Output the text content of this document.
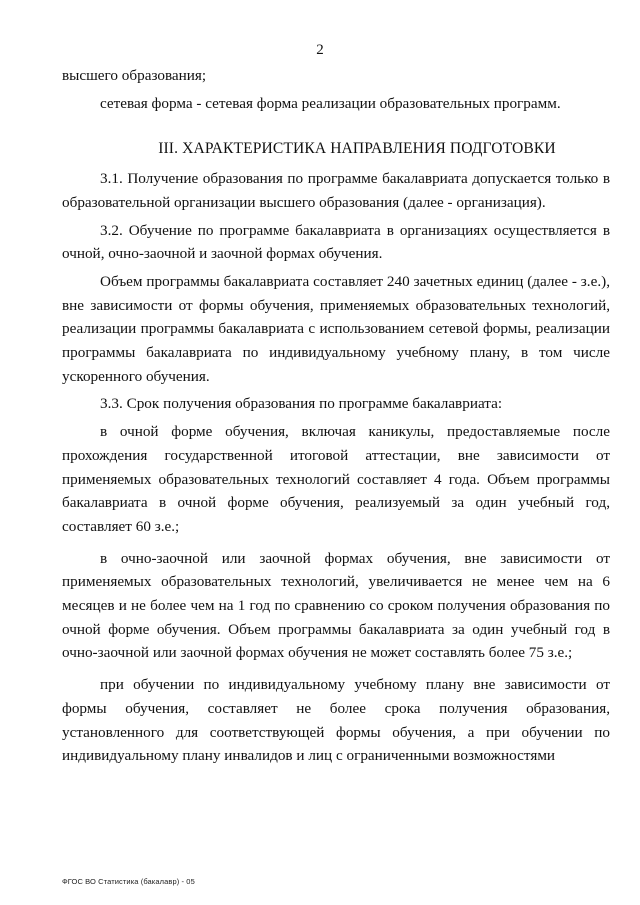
2

высшего образования;

сетевая форма - сетевая форма реализации образовательных программ.

III. ХАРАКТЕРИСТИКА НАПРАВЛЕНИЯ ПОДГОТОВКИ

3.1. Получение образования по программе бакалавриата допускается только в образовательной организации высшего образования (далее - организация).

3.2. Обучение по программе бакалавриата в организациях осуществляется в очной, очно-заочной и заочной формах обучения.

Объем программы бакалавриата составляет 240 зачетных единиц (далее - з.е.), вне зависимости от формы обучения, применяемых образовательных технологий, реализации программы бакалавриата с использованием сетевой формы, реализации программы бакалавриата по индивидуальному учебному плану, в том числе ускоренного обучения.

3.3. Срок получения образования по программе бакалавриата:

в очной форме обучения, включая каникулы, предоставляемые после прохождения государственной итоговой аттестации, вне зависимости от применяемых образовательных технологий составляет 4 года. Объем программы бакалавриата в очной форме обучения, реализуемый за один учебный год, составляет 60 з.е.;

в очно-заочной или заочной формах обучения, вне зависимости от применяемых образовательных технологий, увеличивается не менее чем на 6 месяцев и не более чем на 1 год по сравнению со сроком получения образования по очной форме обучения. Объем программы бакалавриата за один учебный год в очно-заочной или заочной формах обучения не может составлять более 75 з.е.;

при обучении по индивидуальному учебному плану вне зависимости от формы обучения, составляет не более срока получения образования, установленного для соответствующей формы обучения, а при обучении по индивидуальному плану инвалидов и лиц с ограниченными возможностями

ФГОС ВО Статистика (бакалавр) - 05
